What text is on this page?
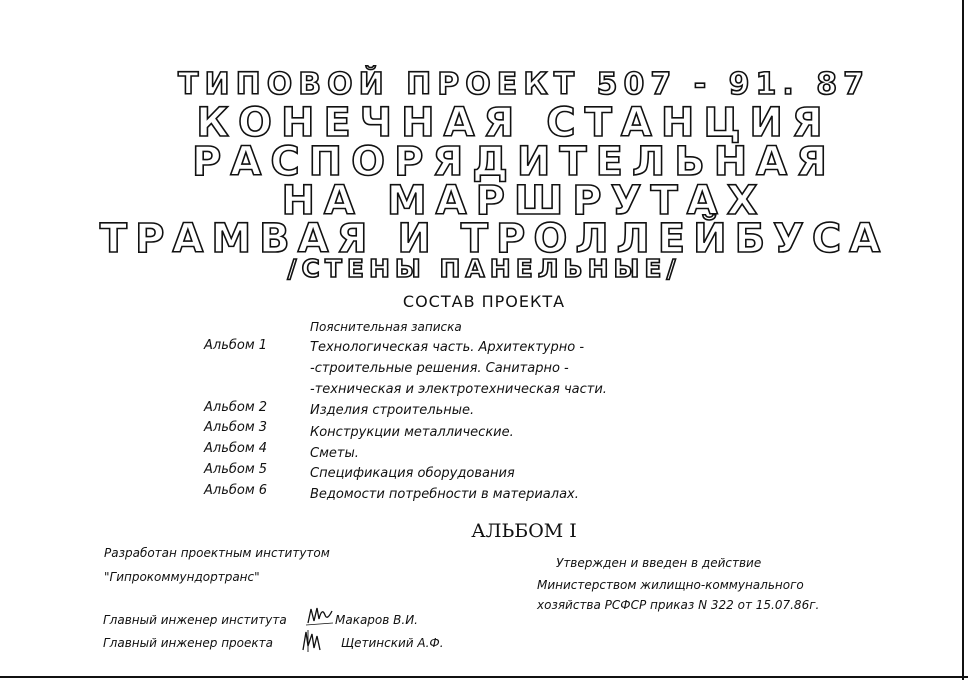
ТИПОВОЙ ПРОЕКТ 507 - 91. 87
КОНЕЧНАЯ СТАНЦИЯ
РАСПОРЯДИТЕЛЬНАЯ
НА МАРШРУТАХ
ТРАМВАЯ И ТРОЛЛЕЙБУСА
/СТЕНЫ ПАНЕЛЬНЫЕ/
СОСТАВ ПРОЕКТА
Пояснительная записка
Альбом 1	Технологическая часть. Архитектурно -
-строительные решения. Санитарно -
-техническая и электротехническая части.
Альбом 2	Изделия строительные.
Альбом 3	Конструкции металлические.
Альбом 4	Сметы.
Альбом 5	Спецификация оборудования
Альбом 6	Ведомости потребности в материалах.
АЛЬБОМ I
Разработан проектным институтом
"Гипрокоммундортранс"
Утвержден и введен в действие
Министерством жилищно-коммунального
хозяйства РСФСР приказ N 322 от 15.07.86г.
Главный инженер института	Макаров В.И.
Главный инженер проекта	Щетинский А.Ф.
